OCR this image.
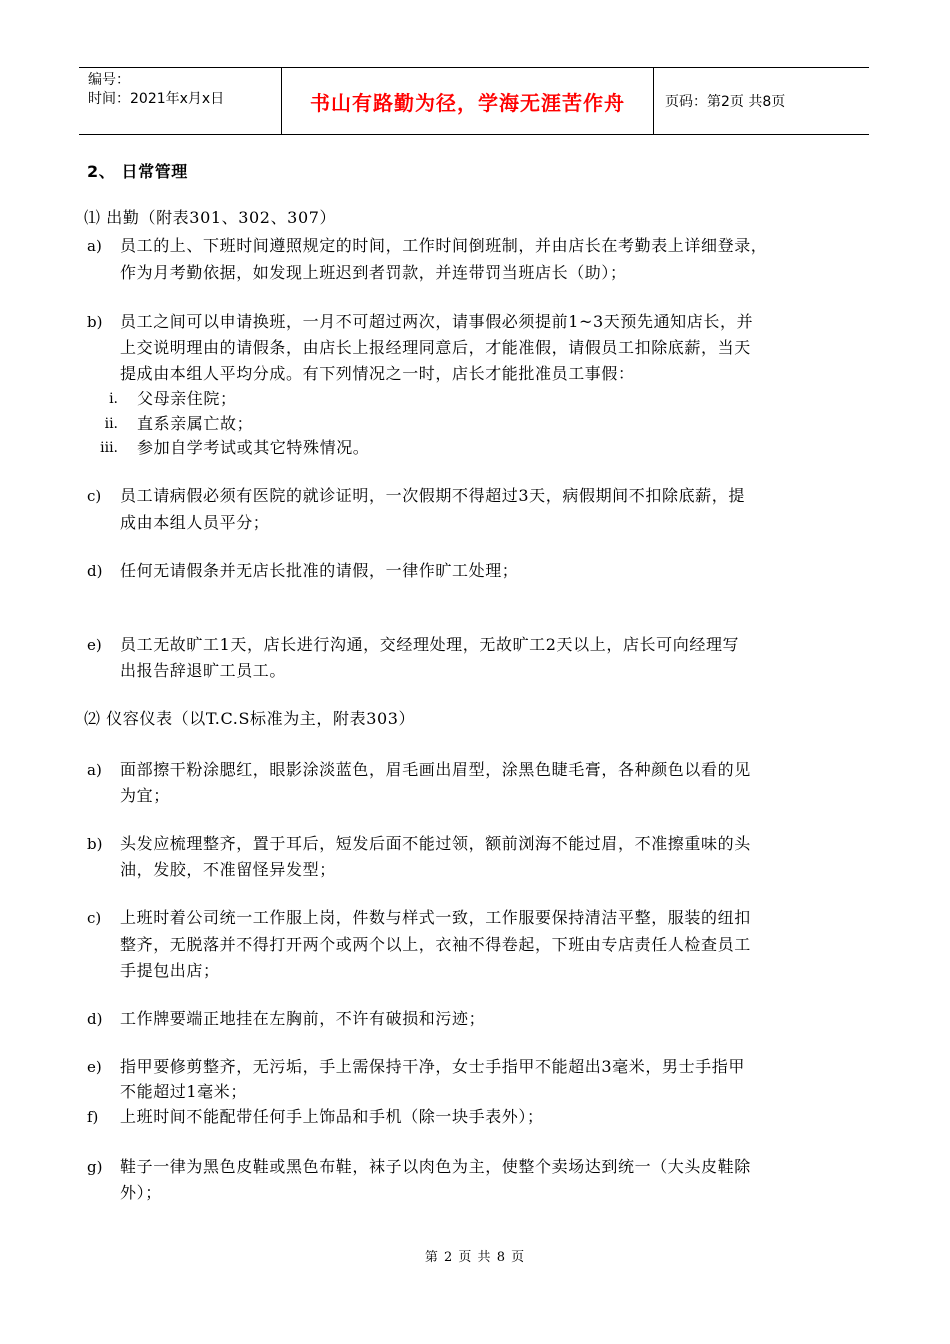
编号：
时间：2021年x月x日	书山有路勤为径，学海无涯苦作舟	页码：第2页 共8页
2、 日常管理
⑴ 出勤（附表301、302、307）
a) 员工的上、下班时间遵照规定的时间，工作时间倒班制，并由店长在考勤表上详细登录，
作为月考勤依据，如发现上班迟到者罚款，并连带罚当班店长（助）；
b) 员工之间可以申请换班，一月不可超过两次，请事假必须提前1~3天预先通知店长，并
上交说明理由的请假条，由店长上报经理同意后，才能准假，请假员工扣除底薪，当天
提成由本组人平均分成。有下列情况之一时，店长才能批准员工事假：
i. 父母亲住院；
ii. 直系亲属亡故；
iii. 参加自学考试或其它特殊情况。
c) 员工请病假必须有医院的就诊证明，一次假期不得超过3天，病假期间不扣除底薪，提
成由本组人员平分；
d) 任何无请假条并无店长批准的请假，一律作旷工处理；
e) 员工无故旷工1天，店长进行沟通，交经理处理，无故旷工2天以上，店长可向经理写
出报告辞退旷工员工。
⑵ 仪容仪表（以T.C.S标准为主，附表303）
a) 面部擦干粉涂腮红，眼影涂淡蓝色，眉毛画出眉型，涂黑色睫毛膏，各种颜色以看的见
为宜；
b) 头发应梳理整齐，置于耳后，短发后面不能过领，额前浏海不能过眉，不准擦重味的头
油，发胶，不准留怪异发型；
c) 上班时着公司统一工作服上岗，件数与样式一致，工作服要保持清洁平整，服装的纽扣
整齐，无脱落并不得打开两个或两个以上，衣袖不得卷起，下班由专店责任人检查员工
手提包出店；
d) 工作牌要端正地挂在左胸前，不许有破损和污迹；
e) 指甲要修剪整齐，无污垢，手上需保持干净，女士手指甲不能超出3毫米，男士手指甲
不能超过1毫米；
f) 上班时间不能配带任何手上饰品和手机（除一块手表外）；
g) 鞋子一律为黑色皮鞋或黑色布鞋，袜子以肉色为主，使整个卖场达到统一（大头皮鞋除
外）；
第 2 页 共 8 页
